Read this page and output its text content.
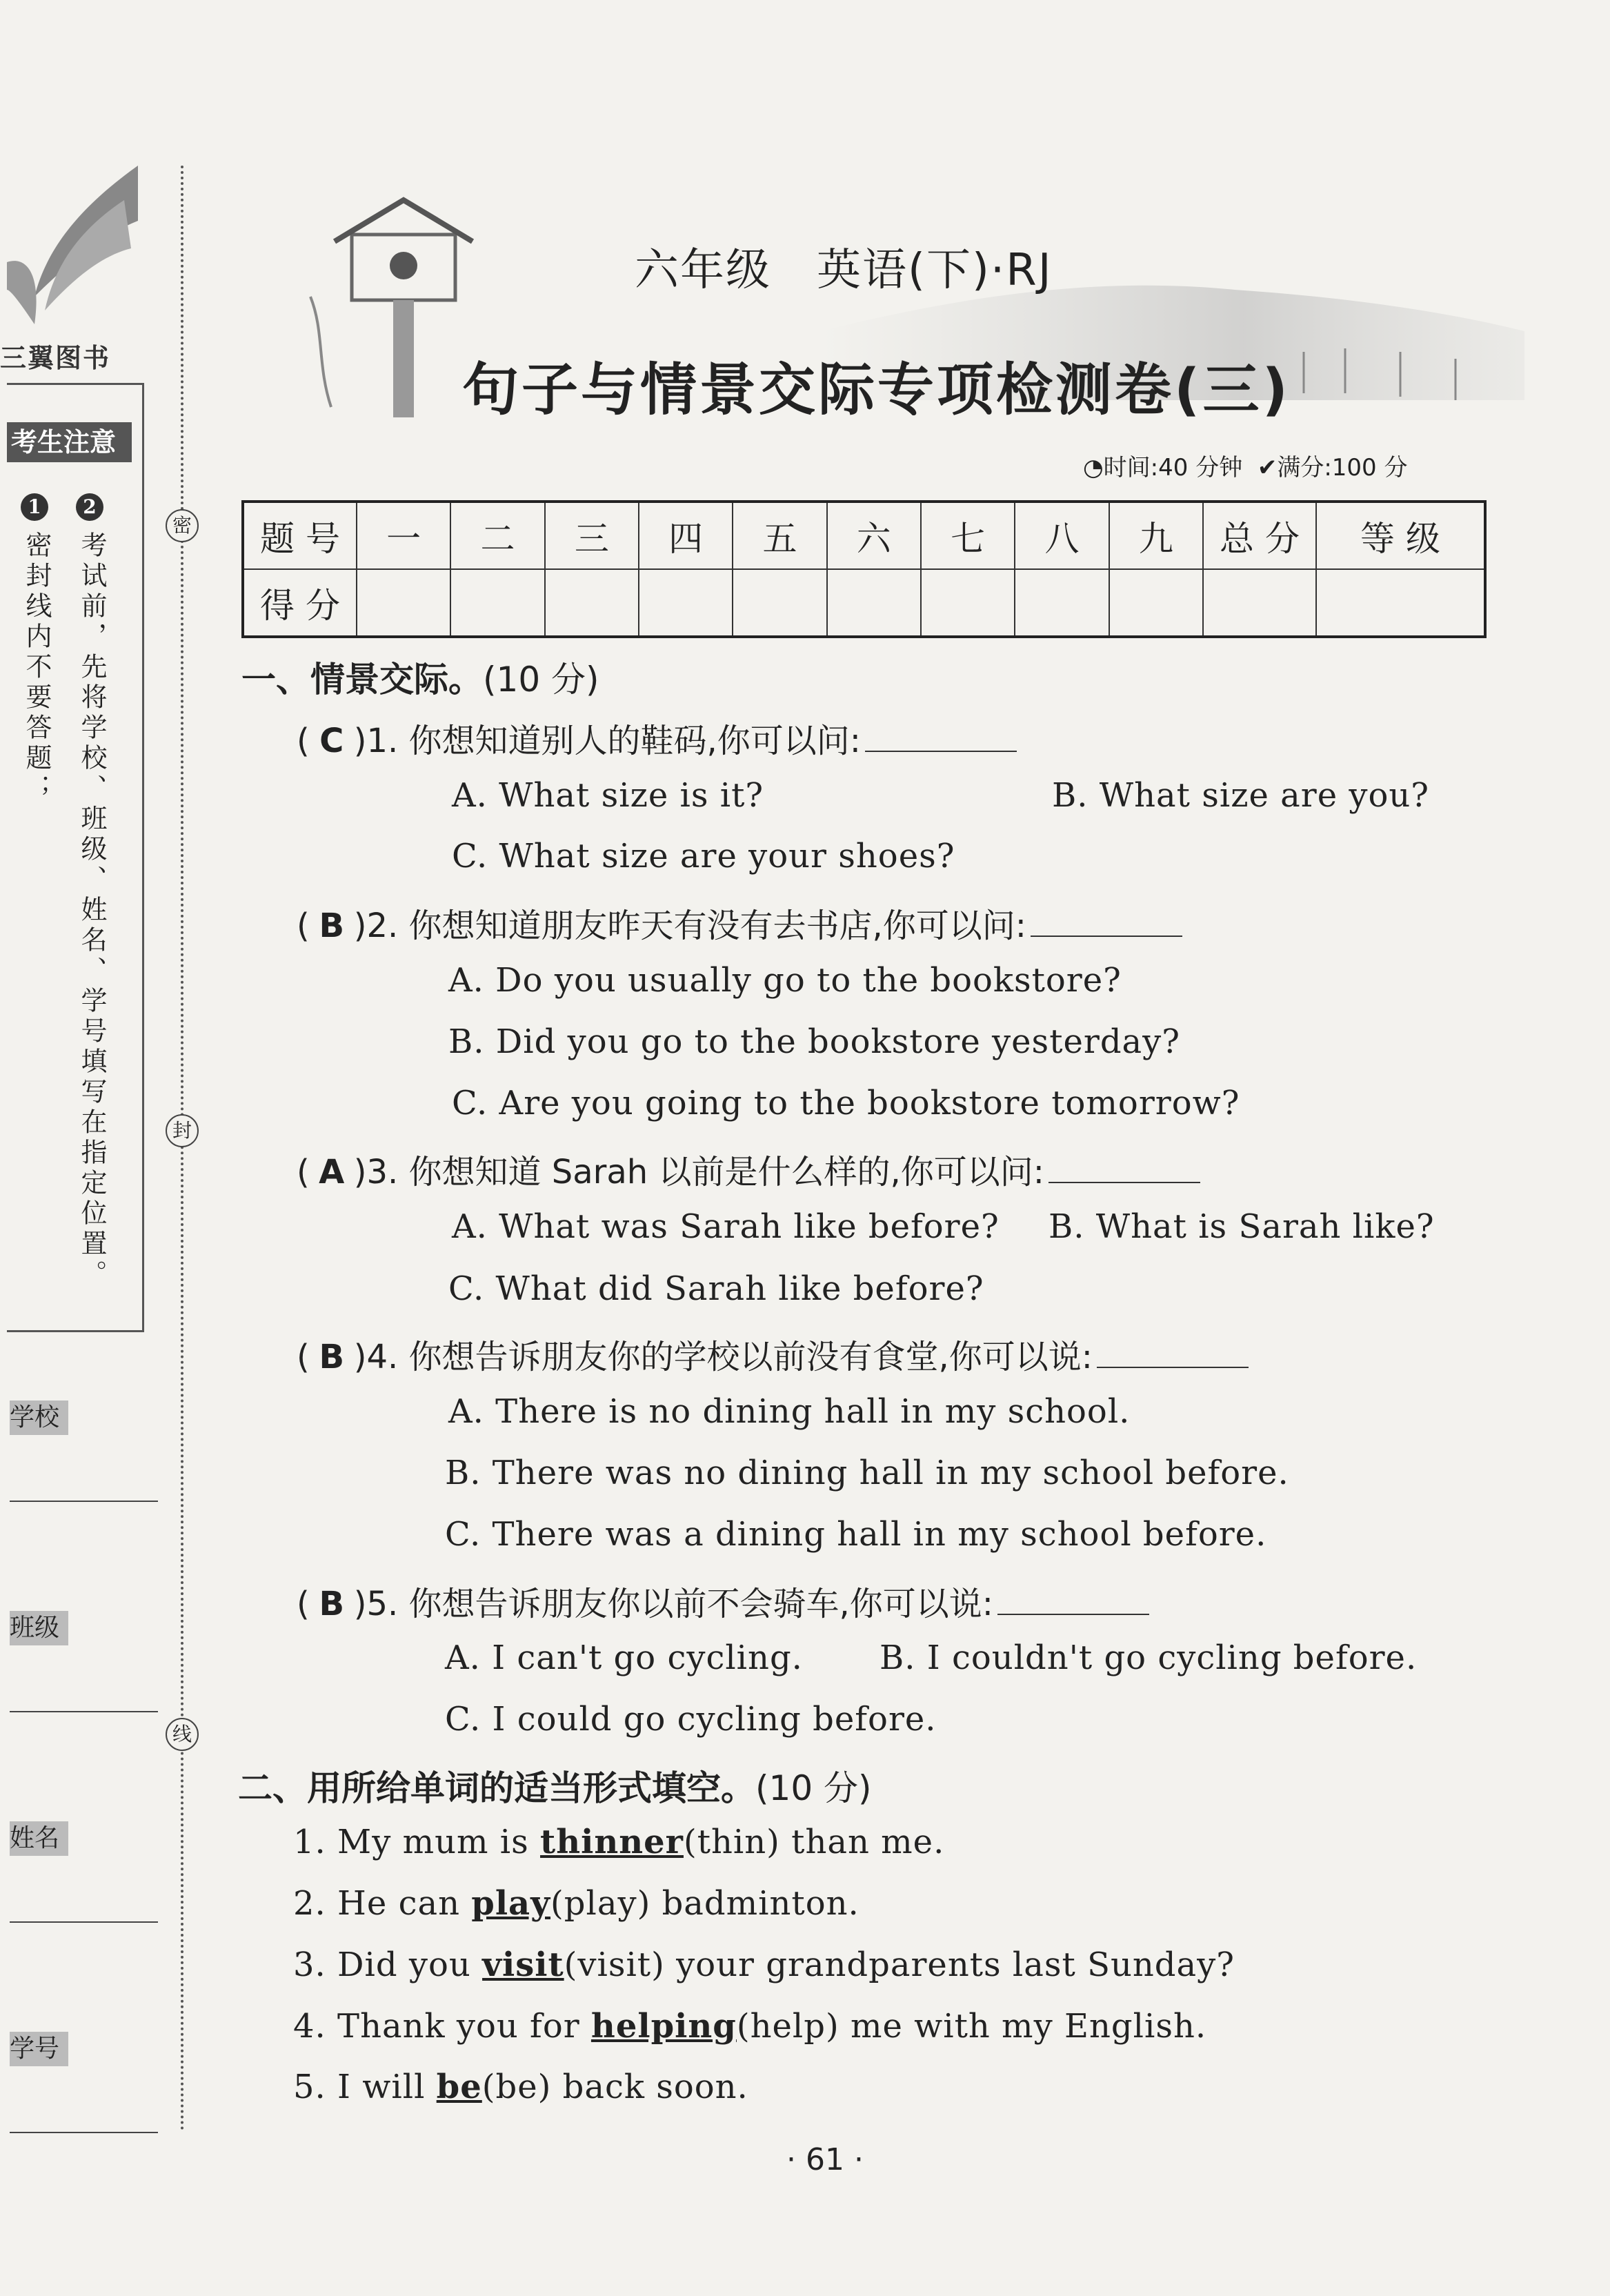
三翼图书
考生注意
1	2
密封线内不要答题； 考试前，先将学校、班级、姓名、学号填写在指定位置。
学校
班级
姓名
学号
密
封
线
六年级　英语(下)·RJ
句子与情景交际专项检测卷(三)
◔时间:40 分钟 ✔满分:100 分
题 号	一	二	三	四	五	六	七	八	九	总 分	等 级
得 分											
一、情景交际。(10 分)
( C )1. 你想知道别人的鞋码,你可以问:
A. What size is it?	B. What size are you?
C. What size are your shoes?
( B )2. 你想知道朋友昨天有没有去书店,你可以问:
A. Do you usually go to the bookstore?
B. Did you go to the bookstore yesterday?
C. Are you going to the bookstore tomorrow?
( A )3. 你想知道 Sarah 以前是什么样的,你可以问:
A. What was Sarah like before? B. What is Sarah like?
C. What did Sarah like before?
( B )4. 你想告诉朋友你的学校以前没有食堂,你可以说:
A. There is no dining hall in my school.
B. There was no dining hall in my school before.
C. There was a dining hall in my school before.
( B )5. 你想告诉朋友你以前不会骑车,你可以说:
A. I can't go cycling. B. I couldn't go cycling before.
C. I could go cycling before.
二、用所给单词的适当形式填空。(10 分)
1. My mum is thinner(thin) than me.
2. He can play(play) badminton.
3. Did you visit(visit) your grandparents last Sunday?
4. Thank you for helping(help) me with my English.
5. I will be(be) back soon.
· 61 ·
